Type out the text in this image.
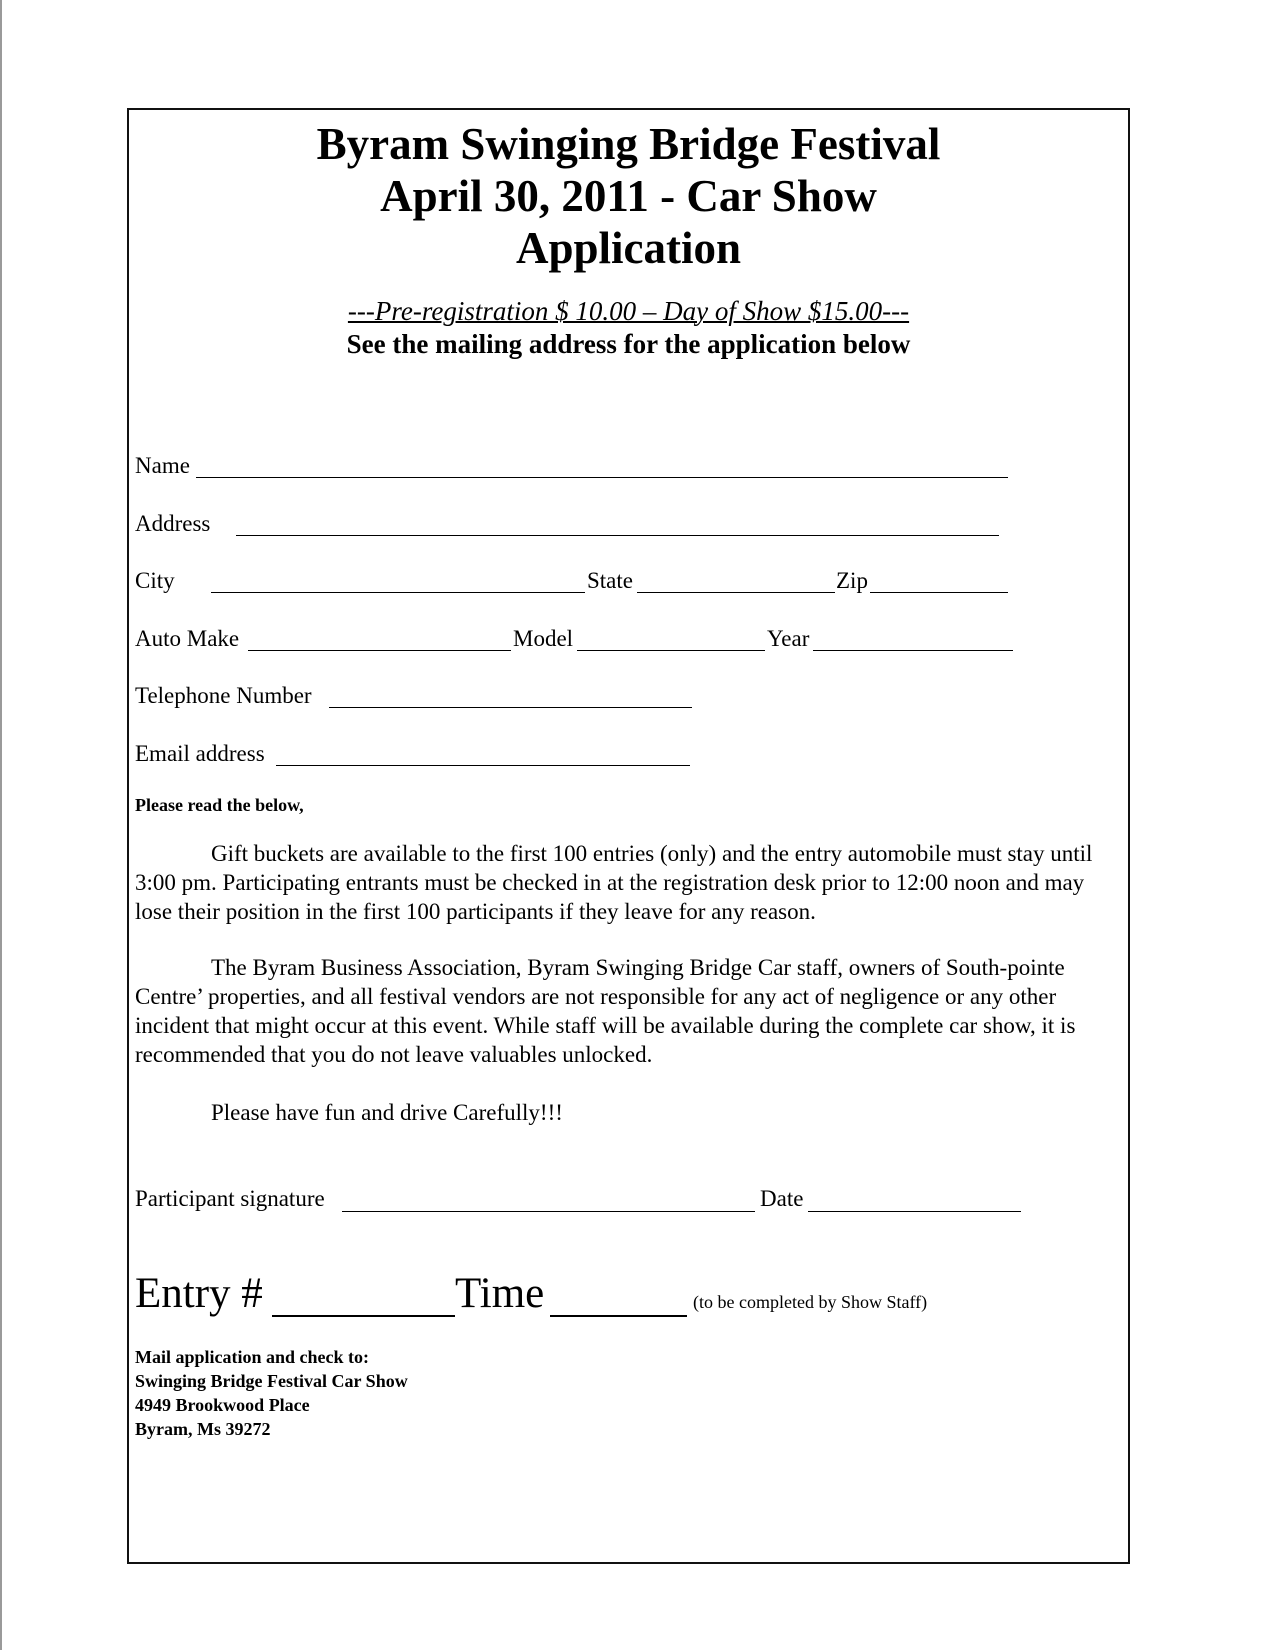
Byram Swinging Bridge Festival
April 30, 2011 - Car Show
Application
---Pre-registration $ 10.00 – Day of Show $15.00---
See the mailing address for the application below
Name
Address
City	State	Zip
Auto Make	Model	Year
Telephone Number
Email address
Please read the below,

Gift buckets are available to the first 100 entries (only) and the entry automobile must stay until 3:00 pm. Participating entrants must be checked in at the registration desk prior to 12:00 noon and may lose their position in the first 100 participants if they leave for any reason.

The Byram Business Association, Byram Swinging Bridge Car staff, owners of South-pointe Centre’ properties, and all festival vendors are not responsible for any act of negligence or any other incident that might occur at this event. While staff will be available during the complete car show, it is recommended that you do not leave valuables unlocked.

Please have fun and drive Carefully!!!

Participant signature	Date
Entry #	Time	(to be completed by Show Staff)
Mail application and check to:
Swinging Bridge Festival Car Show
4949 Brookwood Place
Byram, Ms 39272
